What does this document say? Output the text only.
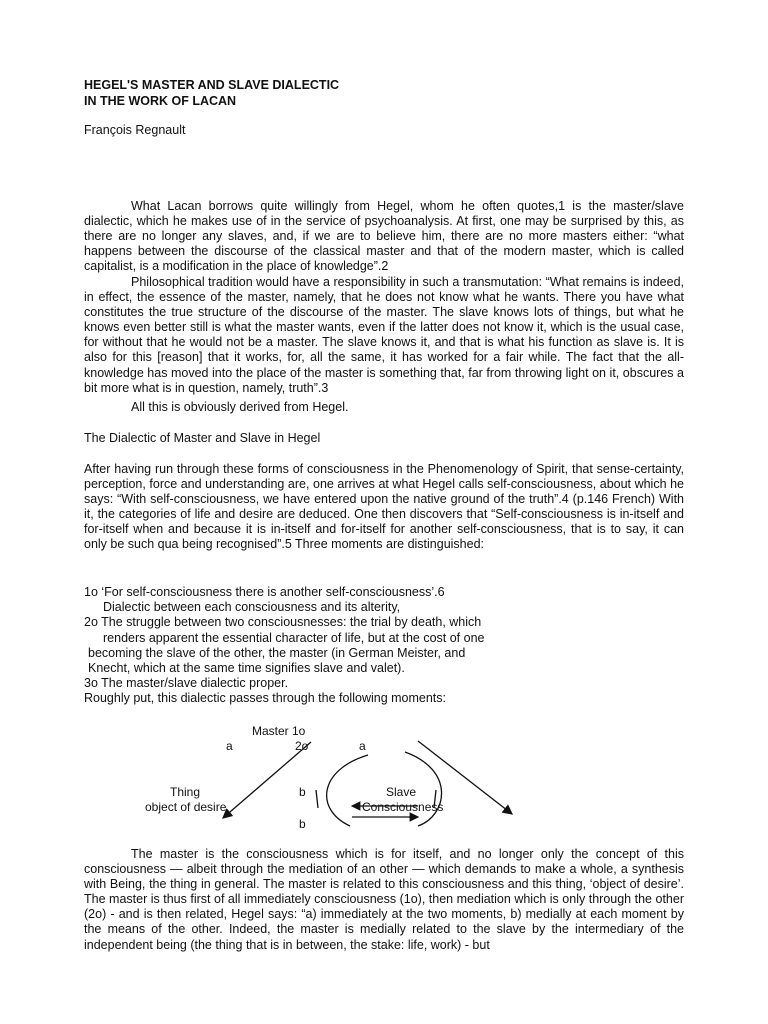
HEGEL'S MASTER AND SLAVE DIALECTIC
IN THE WORK OF LACAN
François Regnault

What Lacan borrows quite willingly from Hegel, whom he often quotes,1 is the master/slave dialectic, which he makes use of in the service of psychoanalysis. At first, one may be surprised by this, as there are no longer any slaves, and, if we are to believe him, there are no more masters either: “what happens between the discourse of the classical master and that of the modern master, which is called capitalist, is a modification in the place of knowledge”.2

Philosophical tradition would have a responsibility in such a transmutation: “What remains is indeed, in effect, the essence of the master, namely, that he does not know what he wants. There you have what constitutes the true structure of the discourse of the master. The slave knows lots of things, but what he knows even better still is what the master wants, even if the latter does not know it, which is the usual case, for without that he would not be a master. The slave knows it, and that is what his function as slave is. It is also for this [reason] that it works, for, all the same, it has worked for a fair while. The fact that the all-knowledge has moved into the place of the master is something that, far from throwing light on it, obscures a bit more what is in question, namely, truth”.3

All this is obviously derived from Hegel.

The Dialectic of Master and Slave in Hegel

After having run through these forms of consciousness in the Phenomenology of Spirit, that sense-certainty, perception, force and understanding are, one arrives at what Hegel calls self-consciousness, about which he says: “With self-consciousness, we have entered upon the native ground of the truth”.4 (p.146 French) With it, the categories of life and desire are deduced. One then discovers that “Self-consciousness is in-itself and for-itself when and because it is in-itself and for-itself for another self-consciousness, that is to say, it can only be such qua being recognised”.5 Three moments are distinguished:

1o ‘For self-consciousness there is another self-consciousness’.6
Dialectic between each consciousness and its alterity,
2o The struggle between two consciousnesses: the trial by death, which
renders apparent the essential character of life, but at the cost of one
becoming the slave of the other, the master (in German Meister, and
Knecht, which at the same time signifies slave and valet).
3o The master/slave dialectic proper.
Roughly put, this dialectic passes through the following moments:
Master 1o
2o
a	a
Thing
object of desire
b
b
Slave
Consciousness

The master is the consciousness which is for itself, and no longer only the concept of this consciousness — albeit through the mediation of an other — which demands to make a whole, a synthesis with Being, the thing in general. The master is related to this consciousness and this thing, ‘object of desire’. The master is thus first of all immediately consciousness (1o), then mediation which is only through the other (2o) - and is then related, Hegel says: “a) immediately at the two moments, b) medially at each moment by the means of the other. Indeed, the master is medially related to the slave by the intermediary of the independent being (the thing that is in between, the stake: life, work) - but
